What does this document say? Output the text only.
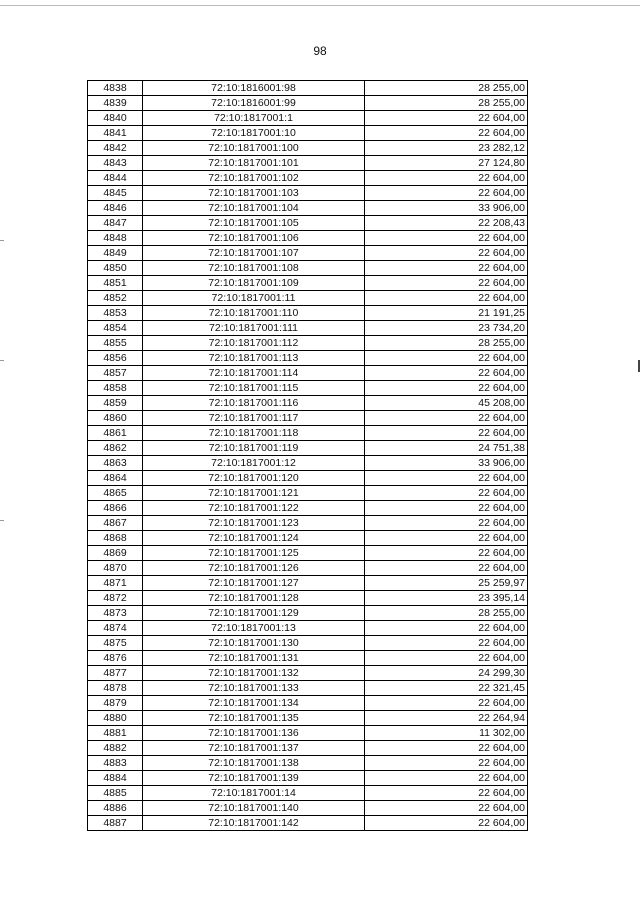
98
4838	72:10:1816001:98	28 255,00
4839	72:10:1816001:99	28 255,00
4840	72:10:1817001:1	22 604,00
4841	72:10:1817001:10	22 604,00
4842	72:10:1817001:100	23 282,12
4843	72:10:1817001:101	27 124,80
4844	72:10:1817001:102	22 604,00
4845	72:10:1817001:103	22 604,00
4846	72:10:1817001:104	33 906,00
4847	72:10:1817001:105	22 208,43
4848	72:10:1817001:106	22 604,00
4849	72:10:1817001:107	22 604,00
4850	72:10:1817001:108	22 604,00
4851	72:10:1817001:109	22 604,00
4852	72:10:1817001:11	22 604,00
4853	72:10:1817001:110	21 191,25
4854	72:10:1817001:111	23 734,20
4855	72:10:1817001:112	28 255,00
4856	72:10:1817001:113	22 604,00
4857	72:10:1817001:114	22 604,00
4858	72:10:1817001:115	22 604,00
4859	72:10:1817001:116	45 208,00
4860	72:10:1817001:117	22 604,00
4861	72:10:1817001:118	22 604,00
4862	72:10:1817001:119	24 751,38
4863	72:10:1817001:12	33 906,00
4864	72:10:1817001:120	22 604,00
4865	72:10:1817001:121	22 604,00
4866	72:10:1817001:122	22 604,00
4867	72:10:1817001:123	22 604,00
4868	72:10:1817001:124	22 604,00
4869	72:10:1817001:125	22 604,00
4870	72:10:1817001:126	22 604,00
4871	72:10:1817001:127	25 259,97
4872	72:10:1817001:128	23 395,14
4873	72:10:1817001:129	28 255,00
4874	72:10:1817001:13	22 604,00
4875	72:10:1817001:130	22 604,00
4876	72:10:1817001:131	22 604,00
4877	72:10:1817001:132	24 299,30
4878	72:10:1817001:133	22 321,45
4879	72:10:1817001:134	22 604,00
4880	72:10:1817001:135	22 264,94
4881	72:10:1817001:136	11 302,00
4882	72:10:1817001:137	22 604,00
4883	72:10:1817001:138	22 604,00
4884	72:10:1817001:139	22 604,00
4885	72:10:1817001:14	22 604,00
4886	72:10:1817001:140	22 604,00
4887	72:10:1817001:142	22 604,00
